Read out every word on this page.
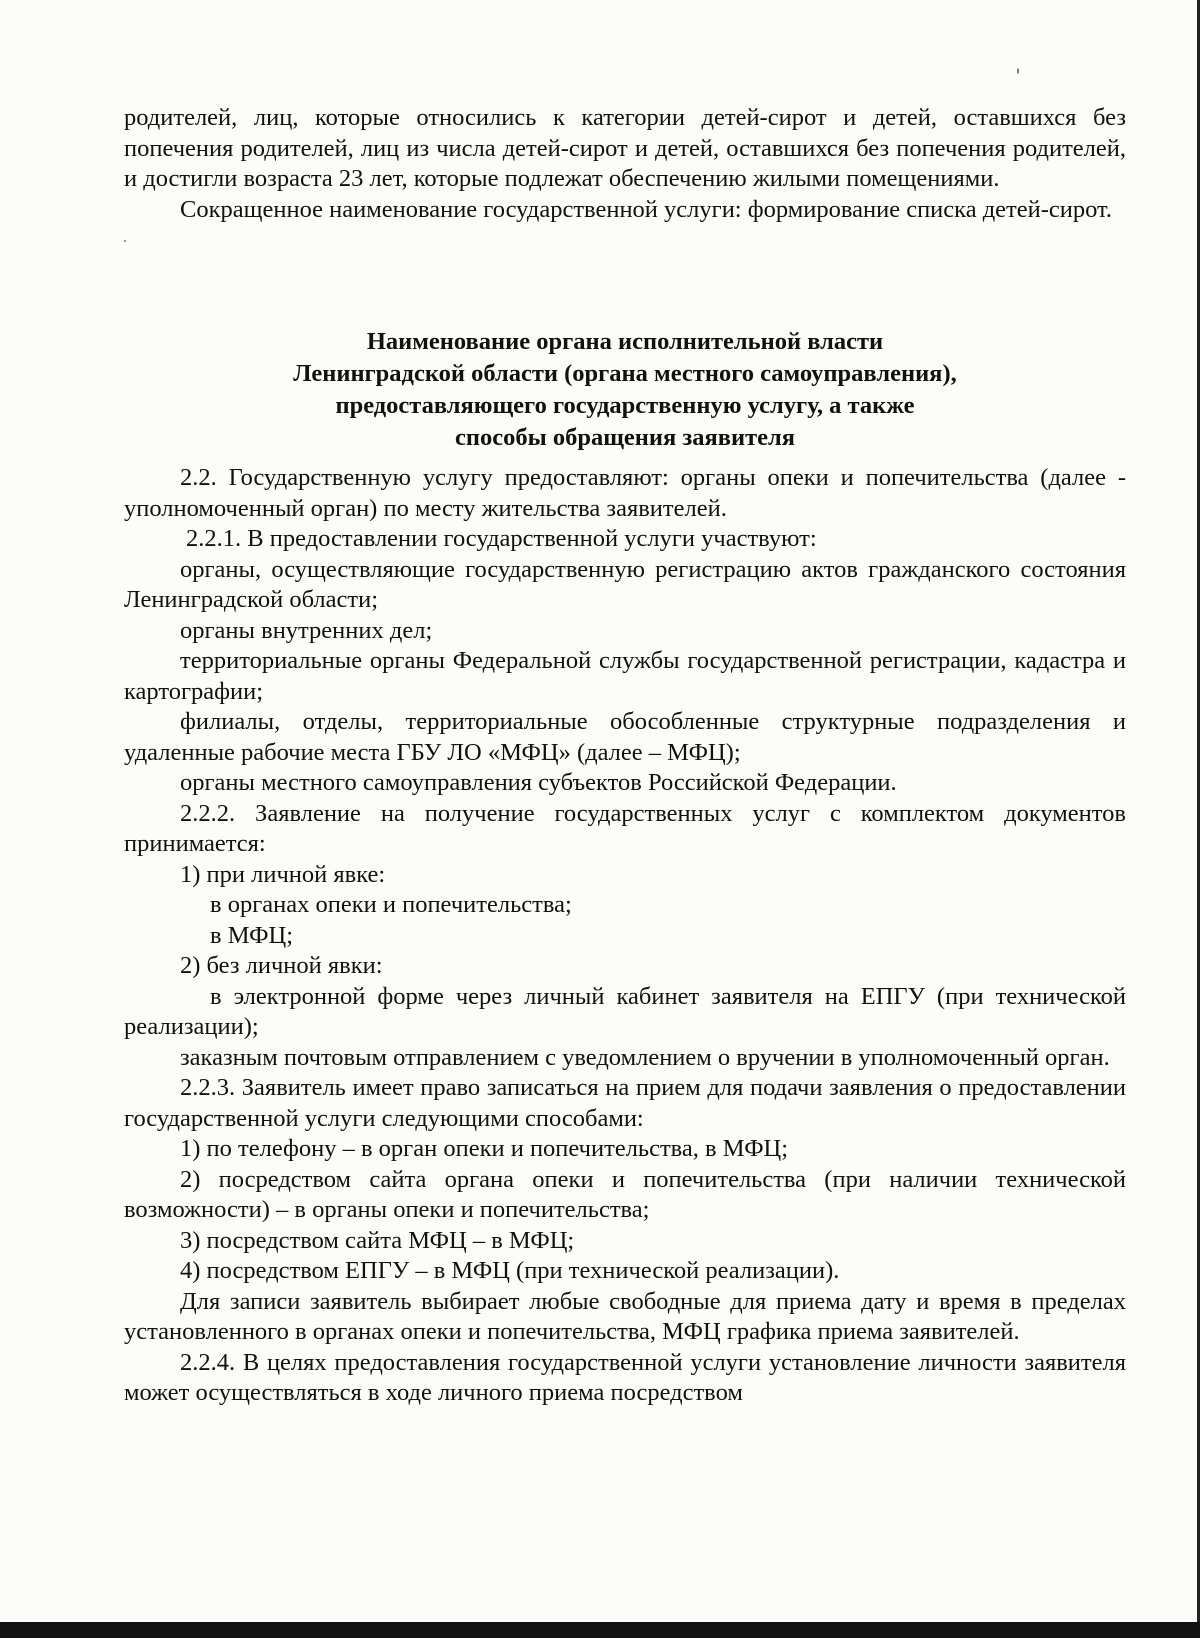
родителей, лиц, которые относились к категории детей-сирот и детей, оставшихся без попечения родителей, лиц из числа детей-сирот и детей, оставшихся без попечения родителей, и достигли возраста 23 лет, которые подлежат обеспечению жилыми помещениями.

Сокращенное наименование государственной услуги: формирование списка детей-сирот.

Наименование органа исполнительной власти
Ленинградской области (органа местного самоуправления),
предоставляющего государственную услугу, а также
способы обращения заявителя

2.2. Государственную услугу предоставляют: органы опеки и попечительства (далее - уполномоченный орган) по месту жительства заявителей.

2.2.1. В предоставлении государственной услуги участвуют:

органы, осуществляющие государственную регистрацию актов гражданского состояния Ленинградской области;

органы внутренних дел;

территориальные органы Федеральной службы государственной регистрации, кадастра и картографии;

филиалы, отделы, территориальные обособленные структурные подразделения и удаленные рабочие места ГБУ ЛО «МФЦ» (далее – МФЦ);

органы местного самоуправления субъектов Российской Федерации.

2.2.2. Заявление на получение государственных услуг с комплектом документов принимается:

1) при личной явке:

в органах опеки и попечительства;

в МФЦ;

2) без личной явки:

в электронной форме через личный кабинет заявителя на ЕПГУ (при технической реализации);

заказным почтовым отправлением с уведомлением о вручении в уполномоченный орган.

2.2.3. Заявитель имеет право записаться на прием для подачи заявления о предоставлении государственной услуги следующими способами:

1) по телефону – в орган опеки и попечительства, в МФЦ;

2) посредством сайта органа опеки и попечительства (при наличии технической возможности) – в органы опеки и попечительства;

3) посредством сайта МФЦ – в МФЦ;

4) посредством ЕПГУ – в МФЦ (при технической реализации).

Для записи заявитель выбирает любые свободные для приема дату и время в пределах установленного в органах опеки и попечительства, МФЦ графика приема заявителей.

2.2.4. В целях предоставления государственной услуги установление личности заявителя может осуществляться в ходе личного приема посредством
